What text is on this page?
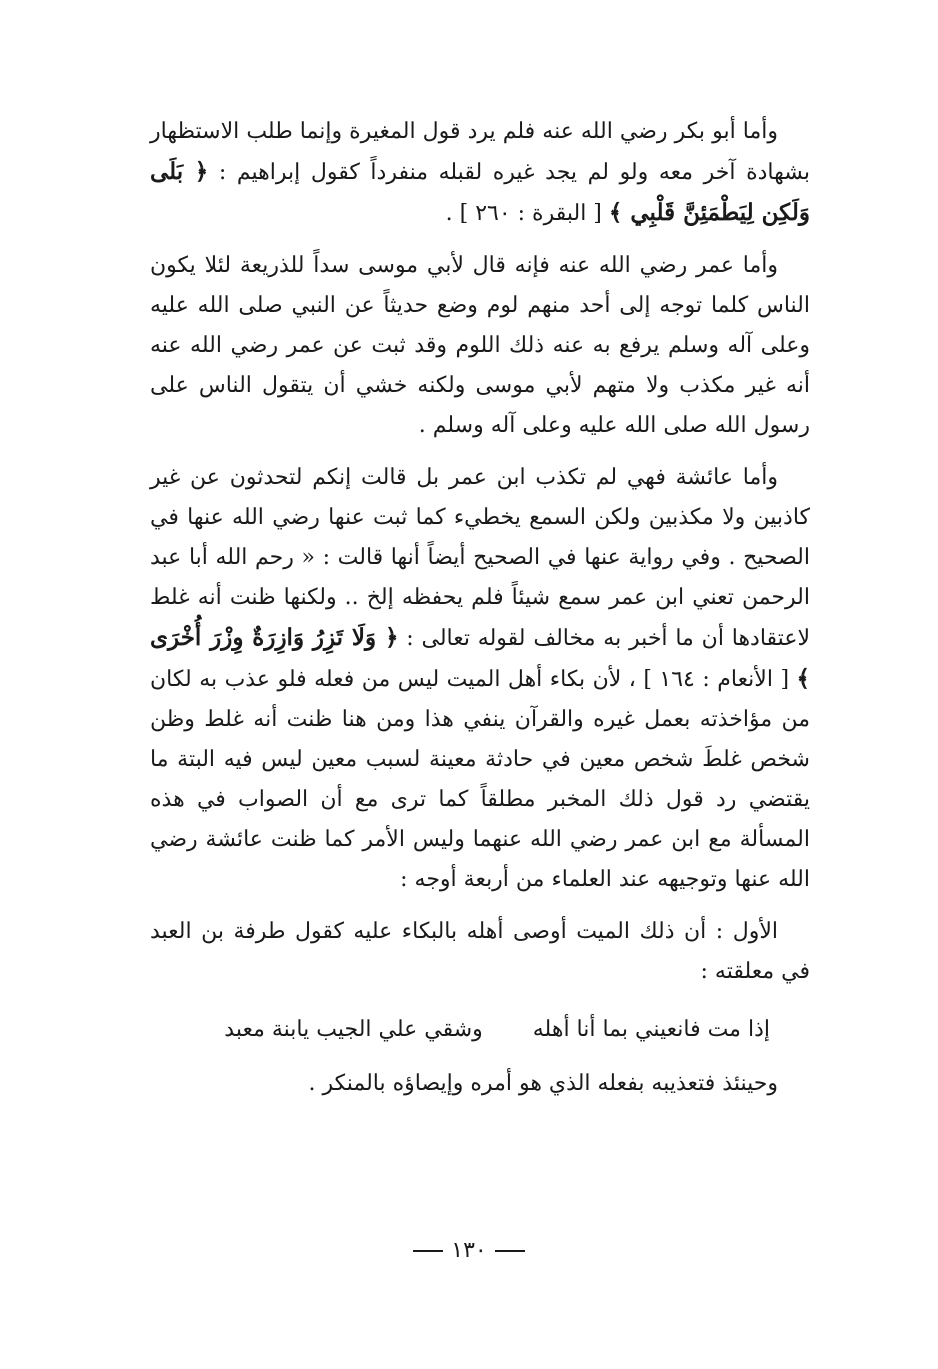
وأما أبو بكر رضي الله عنه فلم يرد قول المغيرة وإنما طلب الاستظهار بشهادة آخر معه ولو لم يجد غيره لقبله منفرداً كقول إبراهيم : ﴿ بَلَى وَلَكِن لِيَطْمَئِنَّ قَلْبِي ﴾ [ البقرة : ٢٦٠ ] .

وأما عمر رضي الله عنه فإنه قال لأبي موسى سداً للذريعة لئلا يكون الناس كلما توجه إلى أحد منهم لوم وضع حديثاً عن النبي صلى الله عليه وعلى آله وسلم يرفع به عنه ذلك اللوم وقد ثبت عن عمر رضي الله عنه أنه غير مكذب ولا متهم لأبي موسى ولكنه خشي أن يتقول الناس على رسول الله صلى الله عليه وعلى آله وسلم .

وأما عائشة فهي لم تكذب ابن عمر بل قالت إنكم لتحدثون عن غير كاذبين ولا مكذبين ولكن السمع يخطيء كما ثبت عنها رضي الله عنها في الصحيح . وفي رواية عنها في الصحيح أيضاً أنها قالت : « رحم الله أبا عبد الرحمن تعني ابن عمر سمع شيئاً فلم يحفظه إلخ .. ولكنها ظنت أنه غلط لاعتقادها أن ما أخبر به مخالف لقوله تعالى : ﴿ وَلَا تَزِرُ وَازِرَةٌ وِزْرَ أُخْرَى ﴾ [ الأنعام : ١٦٤ ] ، لأن بكاء أهل الميت ليس من فعله فلو عذب به لكان من مؤاخذته بعمل غيره والقرآن ينفي هذا ومن هنا ظنت أنه غلط وظن شخص غلطَ شخص معين في حادثة معينة لسبب معين ليس فيه البتة ما يقتضي رد قول ذلك المخبر مطلقاً كما ترى مع أن الصواب في هذه المسألة مع ابن عمر رضي الله عنهما وليس الأمر كما ظنت عائشة رضي الله عنها وتوجيهه عند العلماء من أربعة أوجه :

الأول : أن ذلك الميت أوصى أهله بالبكاء عليه كقول طرفة بن العبد في معلقته :

إذا مت فانعيني بما أنا أهله
وشقي علي الجيب يابنة معبد

وحينئذ فتعذيبه بفعله الذي هو أمره وإيصاؤه بالمنكر .

١٣٠
